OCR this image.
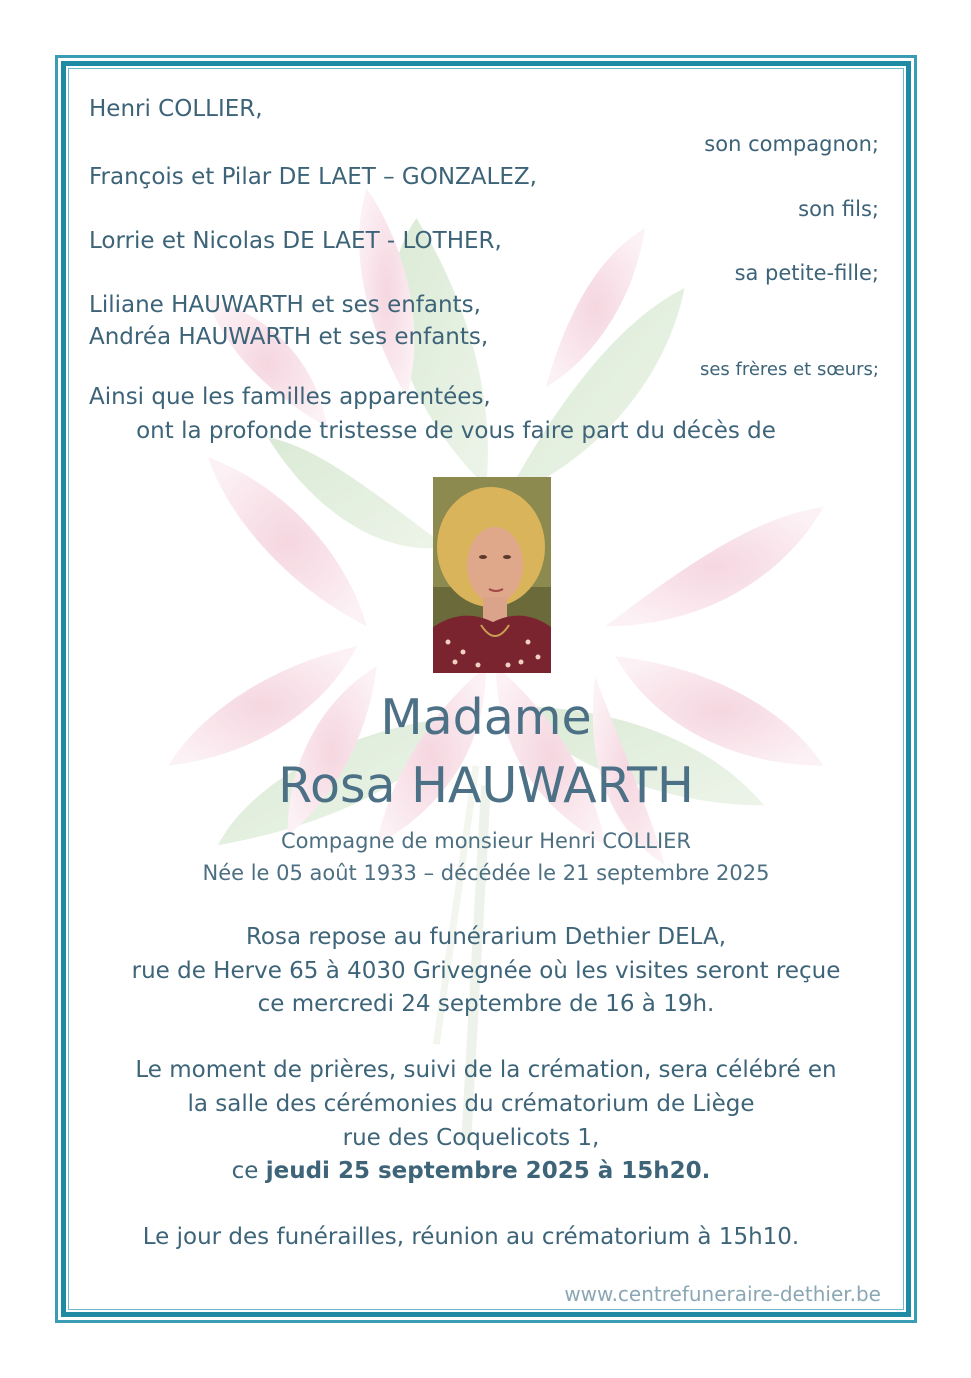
Henri COLLIER,
son compagnon;
François et Pilar DE LAET – GONZALEZ,
son fils;
Lorrie et Nicolas DE LAET - LOTHER,
sa petite-fille;
Liliane HAUWARTH et ses enfants,
Andréa HAUWARTH et ses enfants,
ses frères et sœurs;
Ainsi que les familles apparentées,
ont la profonde tristesse de vous faire part du décès de
Madame
Rosa HAUWARTH
Compagne de monsieur Henri COLLIER
Née le 05 août 1933 – décédée le 21 septembre 2025
Rosa repose au funérarium Dethier DELA,
rue de Herve 65 à 4030 Grivegnée où les visites seront reçue
ce mercredi 24 septembre de 16 à 19h.
Le moment de prières, suivi de la crémation, sera célébré en
la salle des cérémonies du crématorium de Liège
rue des Coquelicots 1,
ce jeudi 25 septembre 2025 à 15h20.
Le jour des funérailles, réunion au crématorium à 15h10.
www.centrefuneraire-dethier.be
